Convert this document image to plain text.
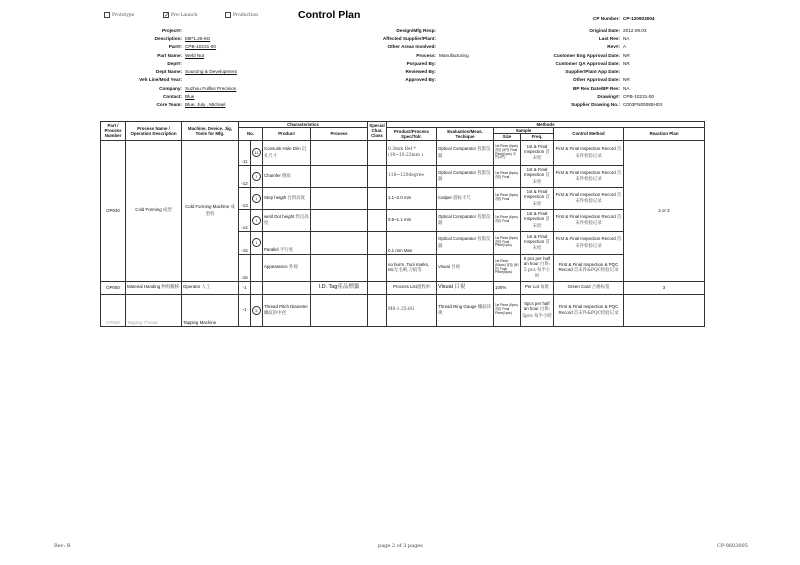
Prototype	✓ Pre-Launch	Production	Control Plan	CP Number: CP-120903004
Project#:
Description: M8*1.25-6G
Part#: CPB-10231-00
Part Name: Weld Nut
Dept#:
Dept Name: Sourcing & Development
Veh Line/Mod Year:
Company: Suzhou Fulllos Precision
Contact: Blue
Core Team: Blue, July , Michael
Design/Mfg Resp:
Affected Supplier/Plant:
Other Areas Involved:
Process: Manufacturing
Porpared By:
Reviewed By:
Approved By:
Original Date: 2012.09.03
Last Rev: NA
Rev#: A
Customer Eng Approval Date: NR
Customer QA Approval Date: NR
Supplier/Plant App Date:
Other Approval Date: NR
BP Rev Date/BP Rev: NA
Drawing#: CPB-10231-00
Supplier Drawing No.: C003FN00085H03
Part / Process Number	Process Name / Operation Description	Machine, Device, Jig, Tools for Mfg.	Characteristics				Special Char. Class	Methods					
			No.		Product	Process		Product/Process Spec/Tolr.	Evaluation/Meas. Techique	Sample		Control Method	Reaction Plan
										Size	Freq.		
OP040	Cold Forming 成型	Cold Forming Machine 成型机	-11	11	Consunk Hole Dim 沉孔尺寸			0.3mm Ref *(10~10.22mm )	Optical Comparator 投影仪器	1st Piece (6pcs) 首检 (6件) Final Piece(1pcs) 末件(1件)	1st & Final Inspection 首末检	First & Final Inspection Record 首末件检验记录	2 or 3
			-12	I	Chamfer 倒角			118~120degree	Optical Comparator 投影仪器	1st Piece (6pcs) 首检 Final	1st & Final Inspection 首末检	First & Final Inspection Record 首末件检验记录	
			-13	I	Step heigth 台阶高度			1.1~2.0 mm	Caliper 游标卡尺	1st Piece (6pcs) 首检 Final	1st & Final Inspection 首末检	First & Final Inspection Record 首末件检验记录	
			-14	I	weld Dot height 焊点高度			0.9~1.1 mm	Optical Comparator 投影仪器	1st Piece (6pcs) 首检 Final	1st & Final Inspection 首末检	First & Final Inspection Record 首末件检验记录	
			-15	I	Parallel 平行度			0.1 mm Max	Optical Comparator 投影仪器	1st Piece (6pcs) 首检 Final Piece(1pcs)	1st & Final Inspection 首末检	First & Final Inspection Record 首末件检验记录	
			-16		Appearance 外观			no burrs ,Tool marks, etc无毛刺,刀痕等	Visual 目视	1st Piece (50pcs) 首检 (50件) Final Piece(5pcs)	5 pcs per half an hour 白班: 5 pcs 每半小时	First & Final Inspection & PQC Record 首末件&PQC检验记录	
OP050	Material Handing 物料搬移	Operator 人工	-1			I.D. Tag產品標籤		Process List流程单	Visual 目視	100%	Per Lot 每批	Green Card 合格标签	3
OP060	Tapping Thread	Tapping Machine	-1	5	Thread Pitch Diameter 螺紋的中徑			M8-1.25-6G	Thread Ring Gauge 螺紋环规	1st Piece (5pcs) 首检 Final Piece(1pcs)	5pcs per half an hour 白班: 5pcs 每半小時	First & Final Inspection & PQC Record 首末件&PQC检验记录	2 or 3
Rev: B	page 2 of 3 pages	CP-0603005
